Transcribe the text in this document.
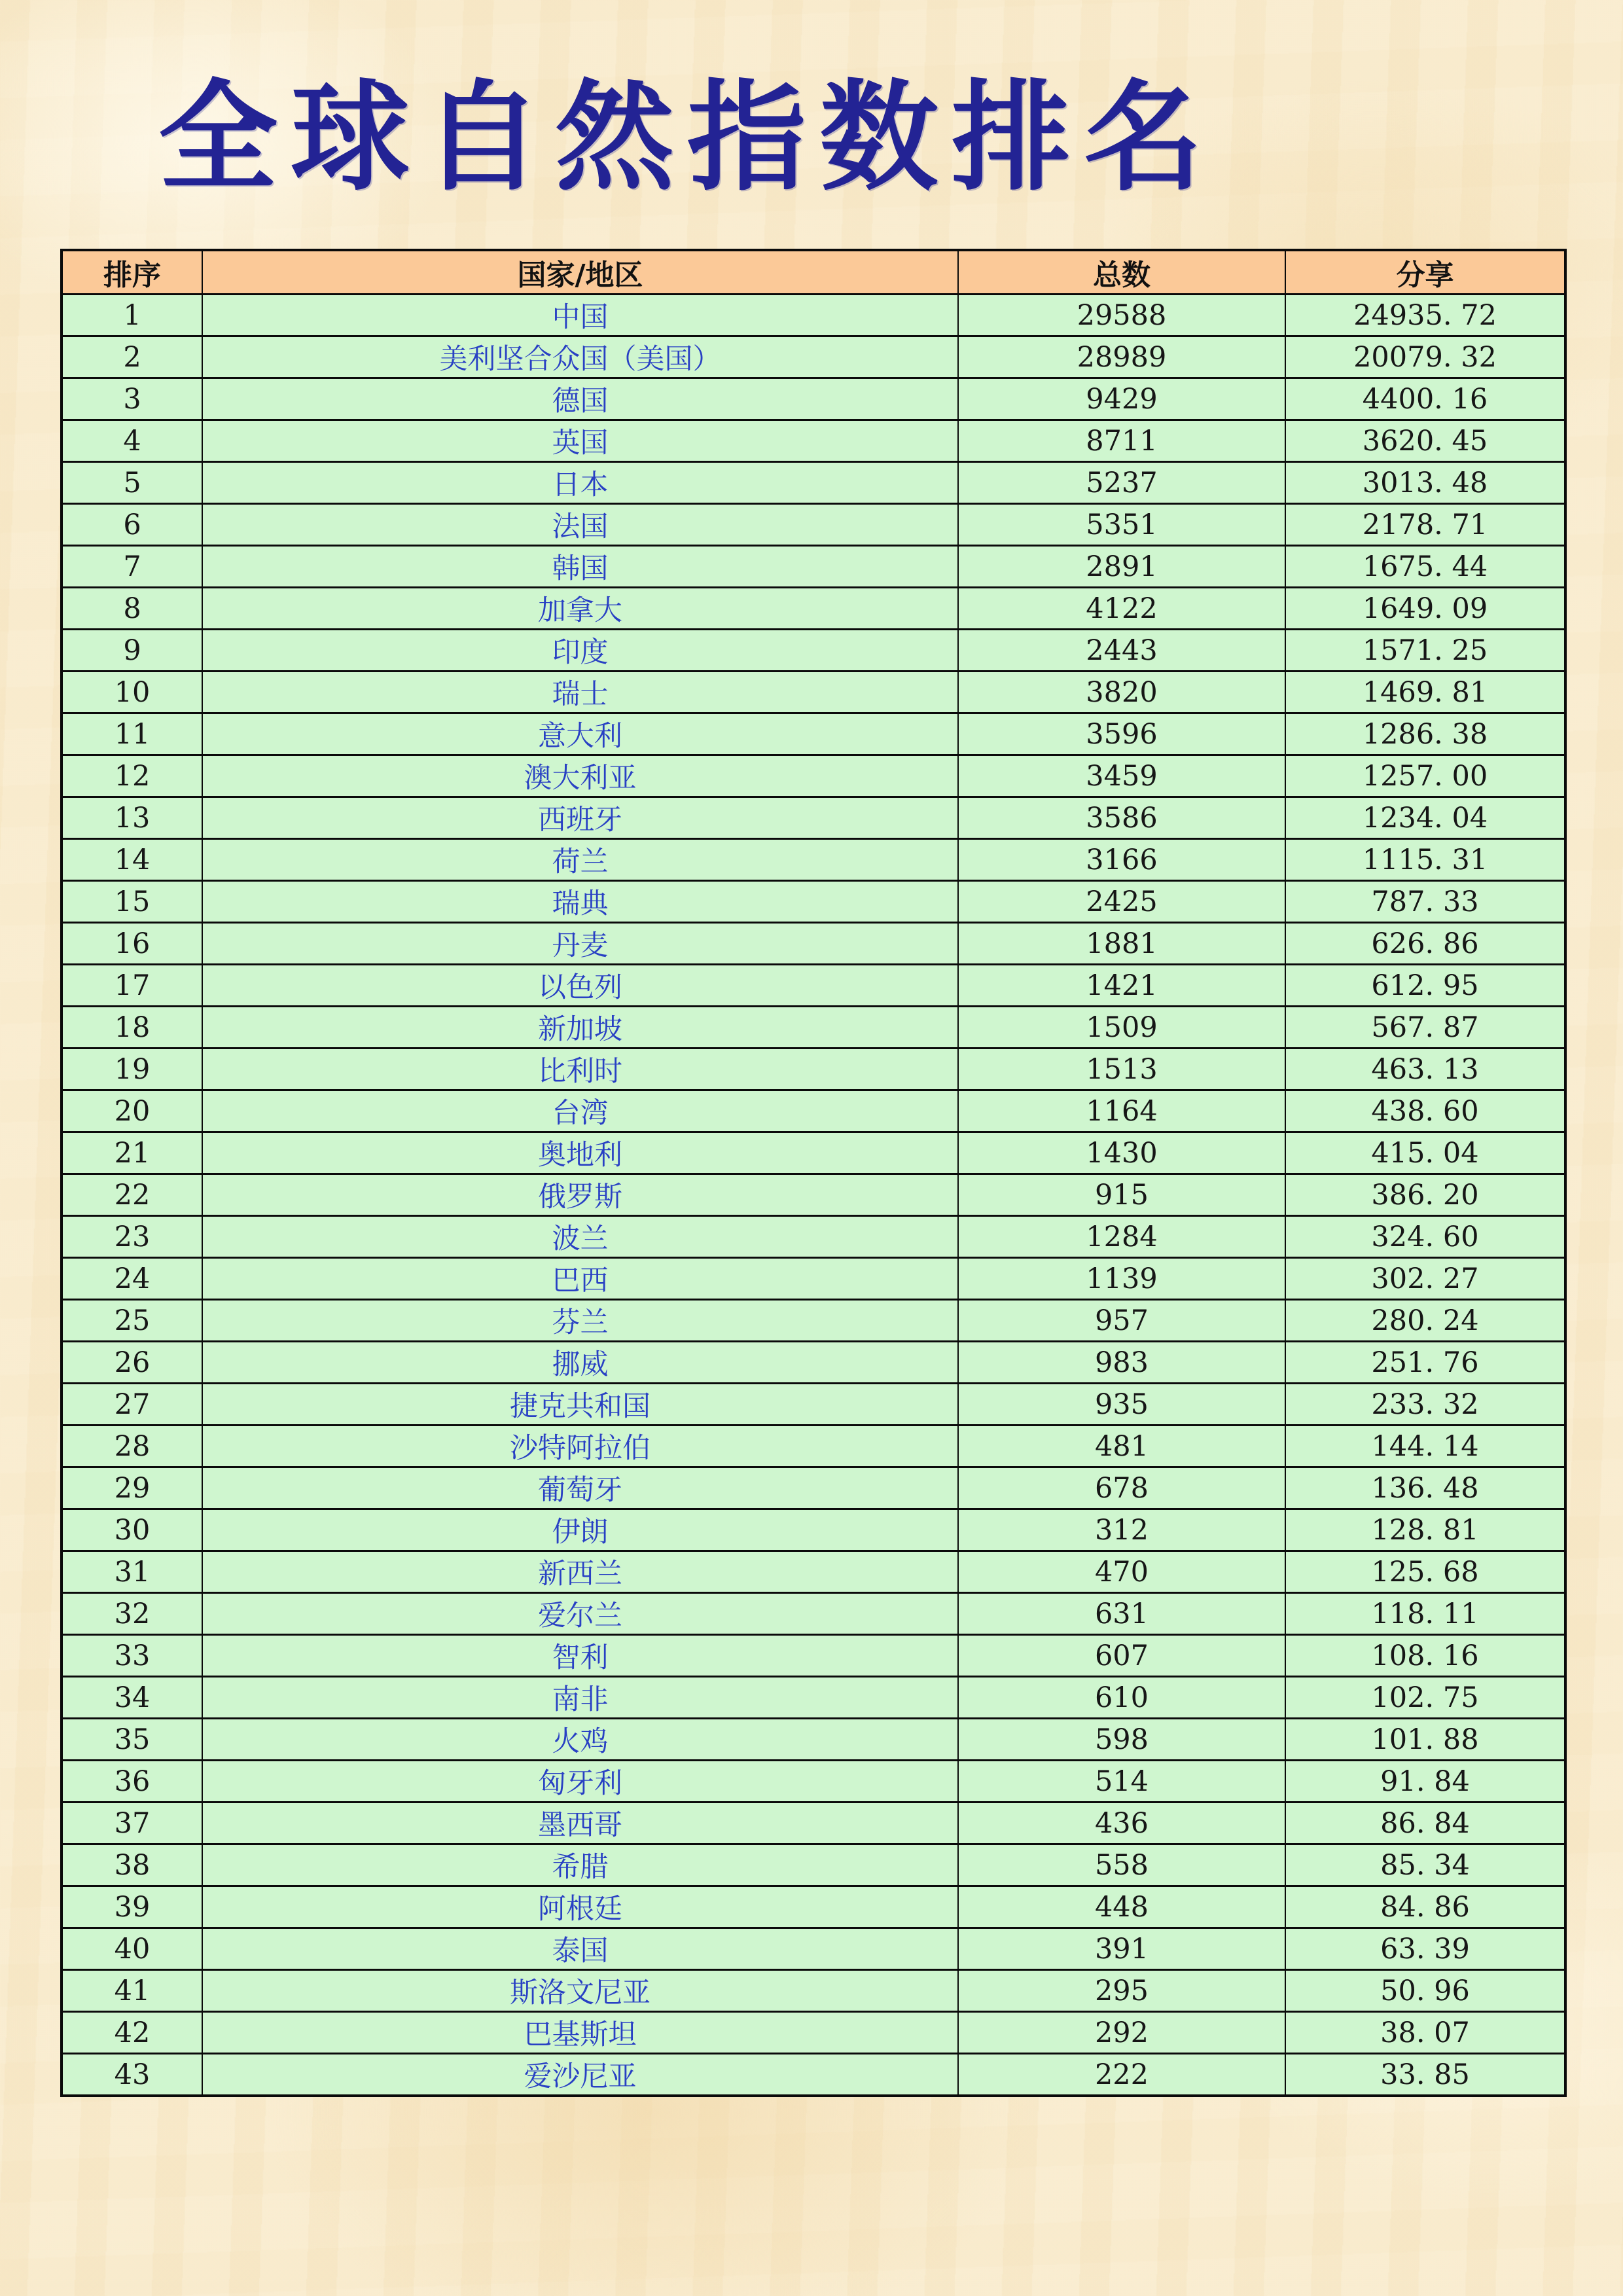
全球自然指数排名
排序	国家/地区	总数	分享
1	中国	29588	24935. 72
2	美利坚合众国（美国）	28989	20079. 32
3	德国	9429	4400. 16
4	英国	8711	3620. 45
5	日本	5237	3013. 48
6	法国	5351	2178. 71
7	韩国	2891	1675. 44
8	加拿大	4122	1649. 09
9	印度	2443	1571. 25
10	瑞士	3820	1469. 81
11	意大利	3596	1286. 38
12	澳大利亚	3459	1257. 00
13	西班牙	3586	1234. 04
14	荷兰	3166	1115. 31
15	瑞典	2425	787. 33
16	丹麦	1881	626. 86
17	以色列	1421	612. 95
18	新加坡	1509	567. 87
19	比利时	1513	463. 13
20	台湾	1164	438. 60
21	奥地利	1430	415. 04
22	俄罗斯	915	386. 20
23	波兰	1284	324. 60
24	巴西	1139	302. 27
25	芬兰	957	280. 24
26	挪威	983	251. 76
27	捷克共和国	935	233. 32
28	沙特阿拉伯	481	144. 14
29	葡萄牙	678	136. 48
30	伊朗	312	128. 81
31	新西兰	470	125. 68
32	爱尔兰	631	118. 11
33	智利	607	108. 16
34	南非	610	102. 75
35	火鸡	598	101. 88
36	匈牙利	514	91. 84
37	墨西哥	436	86. 84
38	希腊	558	85. 34
39	阿根廷	448	84. 86
40	泰国	391	63. 39
41	斯洛文尼亚	295	50. 96
42	巴基斯坦	292	38. 07
43	爱沙尼亚	222	33. 85
